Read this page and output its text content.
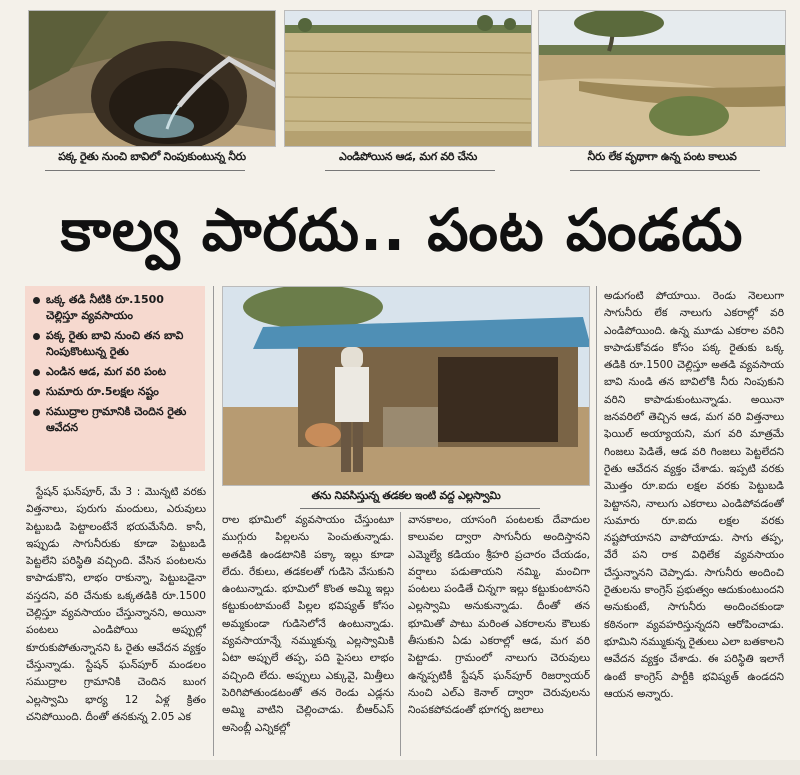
పక్క రైతు నుంచి బావిలో నింపుకుంటున్న నీరు	ఎండిపోయిన ఆడ, మగ వరి చేను	నీరు లేక వృథాగా ఉన్న పంట కాలువ
కాల్వ పారదు.. పంట పండదు
ఒక్క తడి నీటికి రూ.1500 చెల్లిస్తూ వ్యవసాయం
పక్క రైతు బావి నుంచి తన బావి నింపుకొంటున్న రైతు
ఎండిన ఆడ, మగ వరి పంట
సుమారు రూ.5లక్షల నష్టం
సముద్రాల గ్రామానికి చెందిన రైతు ఆవేదన
తను నివసిస్తున్న తడకల ఇంటి వద్ద ఎల్లస్వామి

స్టేషన్ ఘన్‌పూర్, మే 3 : మొన్నటి వరకు విత్తనాలు, పురుగు మందులు, ఎరువులు పెట్టుబడి పెట్టాలంటేనే భయమేసేది. కానీ, ఇప్పుడు సాగునీరుకు కూడా పెట్టుబడి పెట్టలేని పరిస్థితి వచ్చింది. వేసిన పంటలను కాపాడుకొని, లాభం రాకున్నా, పెట్టుబడైనా వస్తదని, వరి చేనుకు ఒక్కతడికి రూ.1500 చెల్లిస్తూ వ్యవసాయం చేస్తున్నానని, అయినా పంటలు ఎండిపోయి అప్పుల్లో కూరుకుపోతున్నానని ఓ రైతు ఆవేదన వ్యక్తం చేస్తున్నాడు. స్టేషన్ ఘన్‌పూర్ మండలం సముద్రాల గ్రామానికి చెందిన బుంగ ఎల్లస్వామి భార్య 12 ఏళ్ల క్రితం చనిపోయింది. దీంతో తనకున్న 2.05 ఎక

రాల భూమిలో వ్యవసాయం చేస్తుంటూ ముగ్గురు పిల్లలను పెంచుతున్నాడు. అతడికి ఉండటానికి పక్కా ఇల్లు కూడా లేదు. రేకులు, తడకలతో గుడిసె వేసుకుని ఉంటున్నాడు. భూమిలో కొంత అమ్మి ఇల్లు కట్టుకుంటామంటే పిల్లల భవిష్యత్ కోసం అమ్మకుండా గుడిసెలోనే ఉంటున్నాడు. వ్యవసాయాన్నే నమ్ముకున్న ఎల్లస్వామికి ఏటా అప్పులే తప్ప, పది పైసలు లాభం వచ్చింది లేదు. అప్పులు ఎక్కువై, మిత్తీలు పెరిగిపోతుండటంతో తన రెండు ఎడ్లను అమ్మి వాటిని చెల్లించాడు. బీఆర్‌ఎస్ అసెంబ్లీ ఎన్నికల్లో

వానకాలం, యాసంగి పంటలకు దేవాదుల కాలువల ద్వారా సాగునీరు అందిస్తానని ఎమ్మెల్యే కడియం శ్రీహరి ప్రచారం చేయడం, వర్షాలు పడుతాయని నమ్మి, మంచిగా పంటలు పండితే చిన్నగా ఇల్లు కట్టుకుంటానని ఎల్లస్వామి అనుకున్నాడు. దీంతో తన భూమితో పాటు మరింత ఎకరాలను కౌలుకు తీసుకుని ఏడు ఎకరాల్లో ఆడ, మగ వరి పెట్టాడు. గ్రామంలో నాలుగు చెరువులు ఉన్నప్పటికీ స్టేషన్ ఘన్‌పూర్ రిజర్వాయర్ నుంచి ఎల్‌ఎ కెనాల్ ద్వారా చెరువులను నింపకపోవడంతో భూగర్భ జలాలు

అడుగంటి పోయాయి. రెండు నెలలుగా సాగునీరు లేక నాలుగు ఎకరాల్లో వరి ఎండిపోయింది. ఉన్న మూడు ఎకరాల వరిని కాపాడుకోవడం కోసం పక్క రైతుకు ఒక్క తడికి రూ.1500 చెల్లిస్తూ అతడి వ్యవసాయ బావి నుండి తన బావిలోకి నీరు నింపుకుని వరిని కాపాడుకుంటున్నాడు. అయినా జనవరిలో తెచ్చిన ఆడ, మగ వరి విత్తనాలు ఫెయిల్ అయ్యాయని, మగ వరి మాత్రమే గింజలు పెడితే, ఆడ వరి గింజలు పెట్టలేదని రైతు ఆవేదన వ్యక్తం చేశాడు. ఇప్పటి వరకు మొత్తం రూ.ఐదు లక్షల వరకు పెట్టుబడి పెట్టానని, నాలుగు ఎకరాలు ఎండిపోవడంతో సుమారు రూ.ఐదు లక్షల వరకు నష్టపోయానని వాపోయాడు. సాగు తప్ప, వేరే పని రాక విధిలేక వ్యవసాయం చేస్తున్నానని చెప్పాడు. సాగునీరు అందించి రైతులను కాంగ్రెస్ ప్రభుత్వం ఆదుకుంటుందని అనుకుంటే, సాగునీరు అందించకుండా కఠినంగా వ్యవహరిస్తున్నదని ఆరోపించాడు. భూమిని నమ్ముకున్న రైతులు ఎలా బతకాలని ఆవేదన వ్యక్తం చేశాడు. ఈ పరిస్థితి ఇలాగే ఉంటే కాంగ్రెస్ పార్టీకి భవిష్యత్ ఉండదని ఆయన అన్నారు.
